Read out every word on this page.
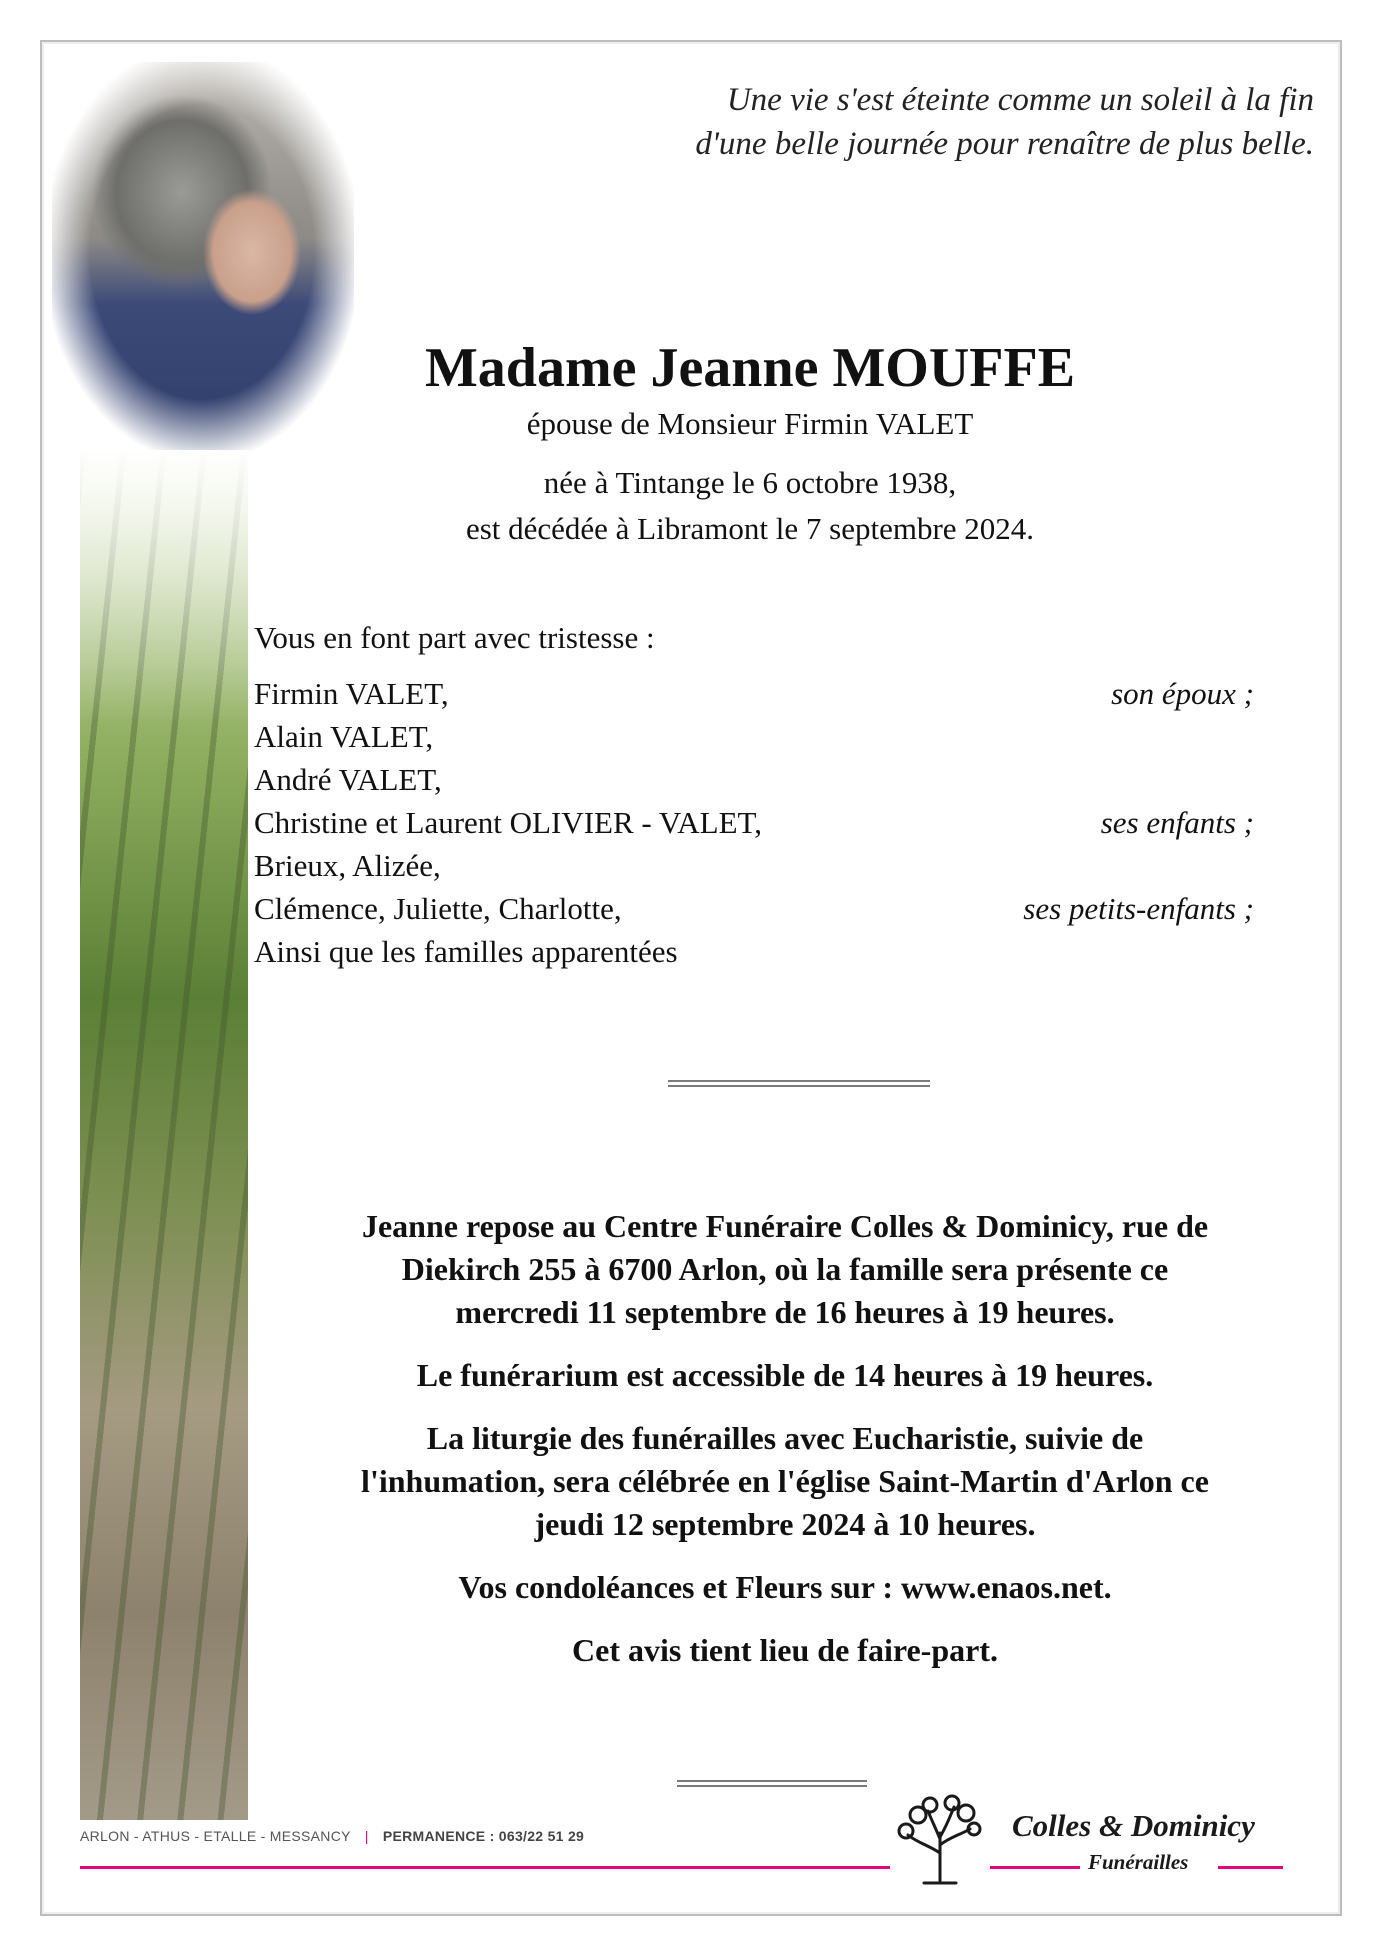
Une vie s'est éteinte comme un soleil à la fin
d'une belle journée pour renaître de plus belle.
Madame Jeanne MOUFFE
épouse de Monsieur Firmin VALET
née à Tintange le 6 octobre 1938,
est décédée à Libramont le 7 septembre 2024.
Vous en font part avec tristesse :
Firmin VALET,	son époux ;
Alain VALET,
André VALET,
Christine et Laurent OLIVIER - VALET,	ses enfants ;
Brieux, Alizée,
Clémence, Juliette, Charlotte,	ses petits-enfants ;
Ainsi que les familles apparentées

Jeanne repose au Centre Funéraire Colles & Dominicy, rue de
Diekirch 255 à 6700 Arlon, où la famille sera présente ce
mercredi 11 septembre de 16 heures à 19 heures.

Le funérarium est accessible de 14 heures à 19 heures.

La liturgie des funérailles avec Eucharistie, suivie de
l'inhumation, sera célébrée en l'église Saint-Martin d'Arlon ce
jeudi 12 septembre 2024 à 10 heures.

Vos condoléances et Fleurs sur : www.enaos.net.

Cet avis tient lieu de faire-part.

ARLON - ATHUS - ETALLE - MESSANCY | PERMANENCE : 063/22 51 29	Colles & Dominicy
Funérailles
